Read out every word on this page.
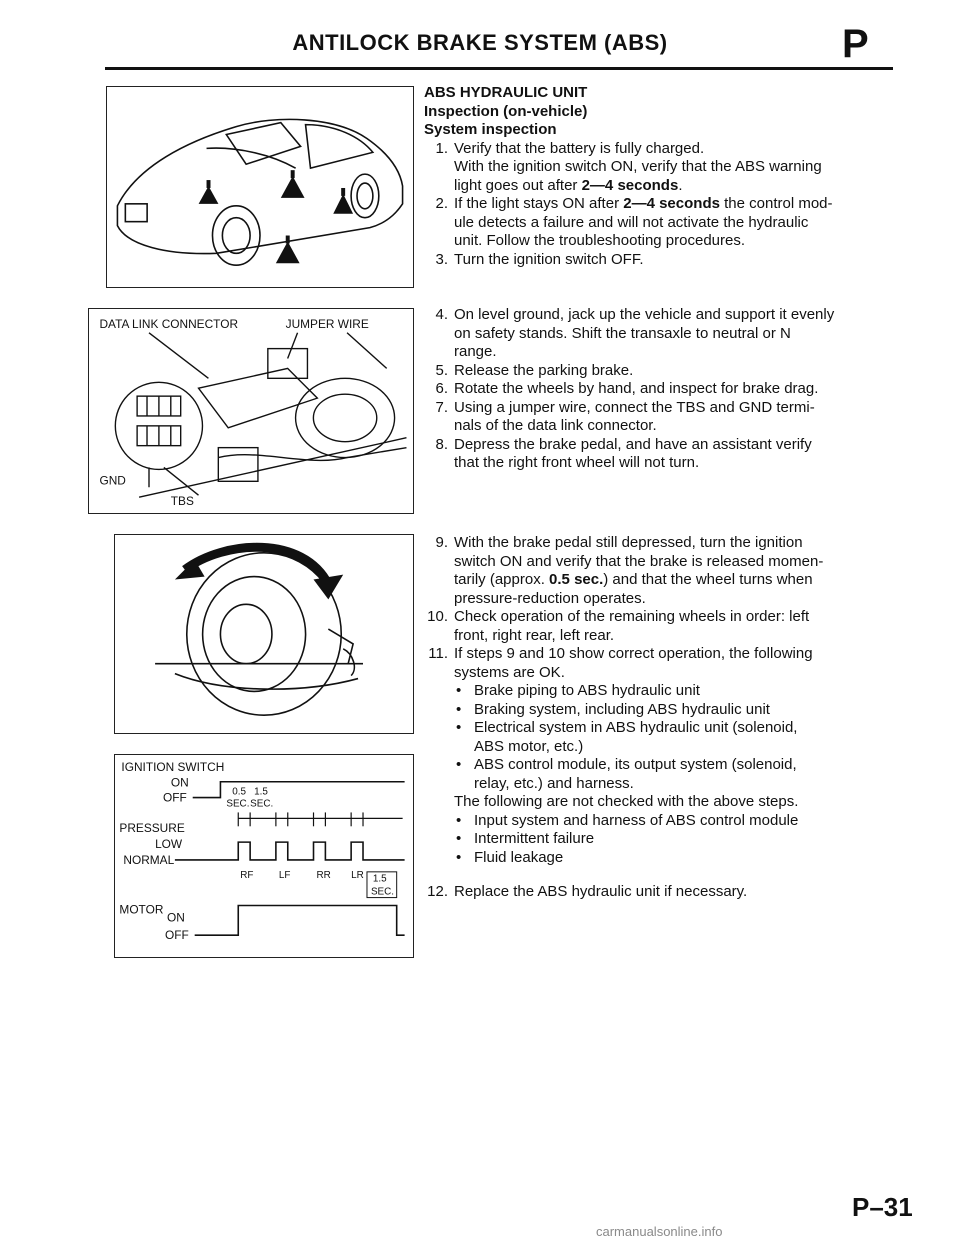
ANTILOCK BRAKE SYSTEM (ABS)	P
DATA LINK CONNECTOR	JUMPER WIRE
GND
TBS
IGNITION SWITCH
ON
OFF	0.5 1.5
SEC. SEC.
PRESSURE
LOW
NORMAL
RF	LF	RR LR 1.5
SEC.
MOTOR
ON
OFF
ABS HYDRAULIC UNIT
Inspection (on-vehicle)
System inspection
1. Verify that the battery is fully charged.
With the ignition switch ON, verify that the ABS warning
light goes out after 2—4 seconds.
2. If the light stays ON after 2—4 seconds the control mod-
ule detects a failure and will not activate the hydraulic
unit. Follow the troubleshooting procedures.
3. Turn the ignition switch OFF.
4. On level ground, jack up the vehicle and support it evenly
on safety stands. Shift the transaxle to neutral or N
range.
5. Release the parking brake.
6. Rotate the wheels by hand, and inspect for brake drag.
7. Using a jumper wire, connect the TBS and GND termi-
nals of the data link connector.
8. Depress the brake pedal, and have an assistant verify
that the right front wheel will not turn.
9. With the brake pedal still depressed, turn the ignition
switch ON and verify that the brake is released momen-
tarily (approx. 0.5 sec.) and that the wheel turns when
pressure-reduction operates.
10. Check operation of the remaining wheels in order: left
front, right rear, left rear.
11. If steps 9 and 10 show correct operation, the following
systems are OK.
• Brake piping to ABS hydraulic unit
• Braking system, including ABS hydraulic unit
• Electrical system in ABS hydraulic unit (solenoid,
ABS motor, etc.)
• ABS control module, its output system (solenoid,
relay, etc.) and harness.
The following are not checked with the above steps.
• Input system and harness of ABS control module
• Intermittent failure
• Fluid leakage
12. Replace the ABS hydraulic unit if necessary.
P–31
carmanualsonline.info
